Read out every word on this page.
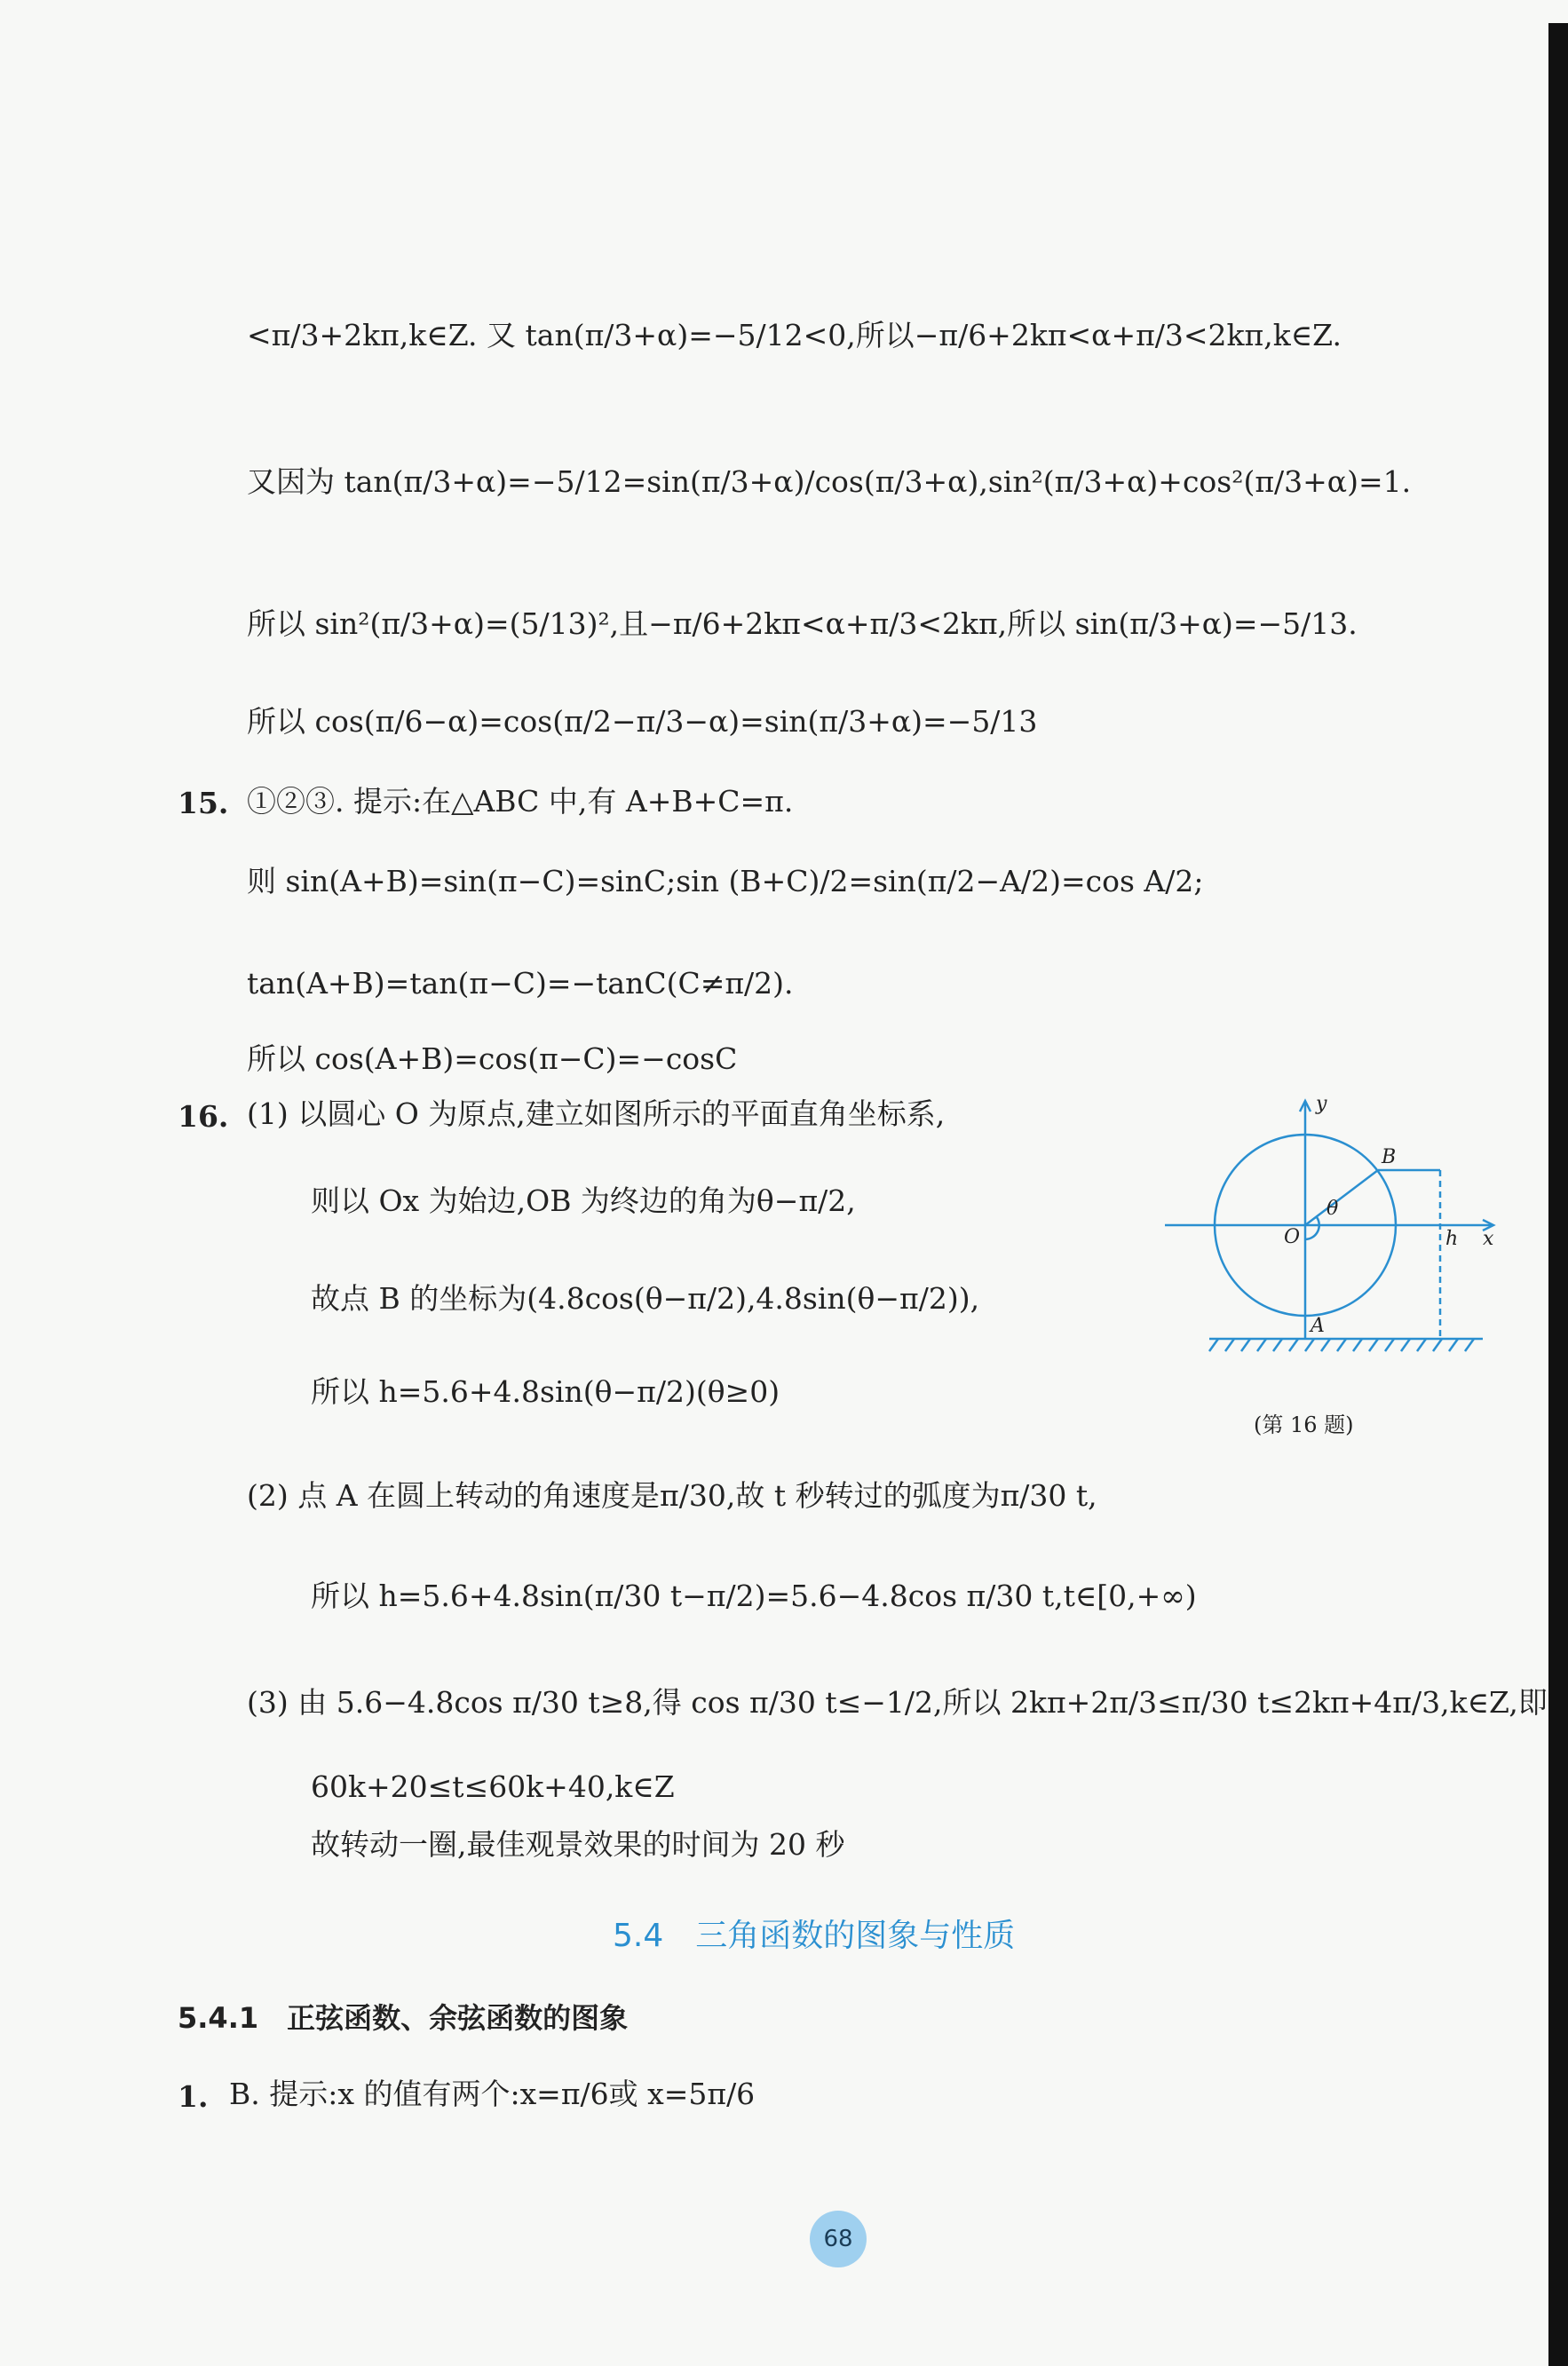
<π/3+2kπ,k∈Z. 又 tan(π/3+α)=−5/12<0,所以−π/6+2kπ<α+π/3<2kπ,k∈Z.
又因为 tan(π/3+α)=−5/12=sin(π/3+α)/cos(π/3+α),sin²(π/3+α)+cos²(π/3+α)=1.
所以 sin²(π/3+α)=(5/13)²,且−π/6+2kπ<α+π/3<2kπ,所以 sin(π/3+α)=−5/13.
所以 cos(π/6−α)=cos(π/2−π/3−α)=sin(π/3+α)=−5/13
15. ①②③. 提示:在△ABC 中,有 A+B+C=π.
则 sin(A+B)=sin(π−C)=sinC;sin (B+C)/2=sin(π/2−A/2)=cos A/2;
tan(A+B)=tan(π−C)=−tanC(C≠π/2).
所以 cos(A+B)=cos(π−C)=−cosC
16. (1) 以圆心 O 为原点,建立如图所示的平面直角坐标系,
则以 Ox 为始边,OB 为终边的角为θ−π/2,
故点 B 的坐标为(4.8cos(θ−π/2),4.8sin(θ−π/2)),
所以 h=5.6+4.8sin(θ−π/2)(θ≥0)
y
B
O
θ
h x
A
(第 16 题)
(2) 点 A 在圆上转动的角速度是π/30,故 t 秒转过的弧度为π/30 t,
所以 h=5.6+4.8sin(π/30 t−π/2)=5.6−4.8cos π/30 t,t∈[0,+∞)
(3) 由 5.6−4.8cos π/30 t≥8,得 cos π/30 t≤−1/2,所以 2kπ+2π/3≤π/30 t≤2kπ+4π/3,k∈Z,即
60k+20≤t≤60k+40,k∈Z
故转动一圈,最佳观景效果的时间为 20 秒
5.4　三角函数的图象与性质
5.4.1　正弦函数、余弦函数的图象
1. B. 提示:x 的值有两个:x=π/6或 x=5π/6
68
